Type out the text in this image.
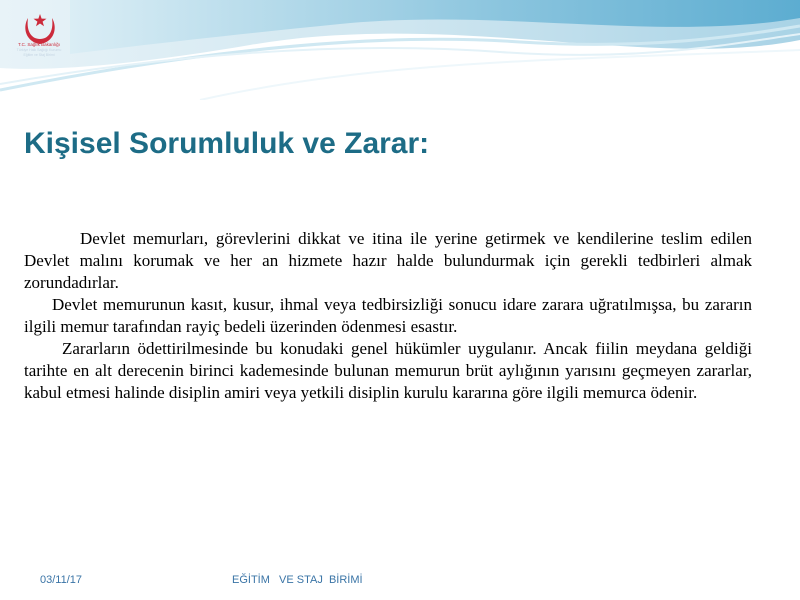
T.C. Sağlık Bakanlığı
Türkiye Halk Sağlığı Kurumu
Eğitim ve Staj Birimi
Kişisel Sorumluluk ve Zarar:

Devlet memurları, görevlerini dikkat ve itina ile yerine getirmek ve kendilerine teslim edilen Devlet malını korumak ve her an hizmete hazır halde bulundurmak için gerekli tedbirleri almak zorundadırlar.

Devlet memurunun kasıt, kusur, ihmal veya tedbirsizliği sonucu idare zarara uğratılmışsa, bu zararın ilgili memur tarafından rayiç bedeli üzerinden ödenmesi esastır.

Zararların ödettirilmesinde bu konudaki genel hükümler uygulanır. Ancak fiilin meydana geldiği tarihte en alt derecenin birinci kademesinde bulunan memurun brüt aylığının yarısını geçmeyen zararlar, kabul etmesi halinde disiplin amiri veya yetkili disiplin kurulu kararına göre ilgili memurca ödenir.

03/11/17	EĞİTİM   VE STAJ  BİRİMİ
